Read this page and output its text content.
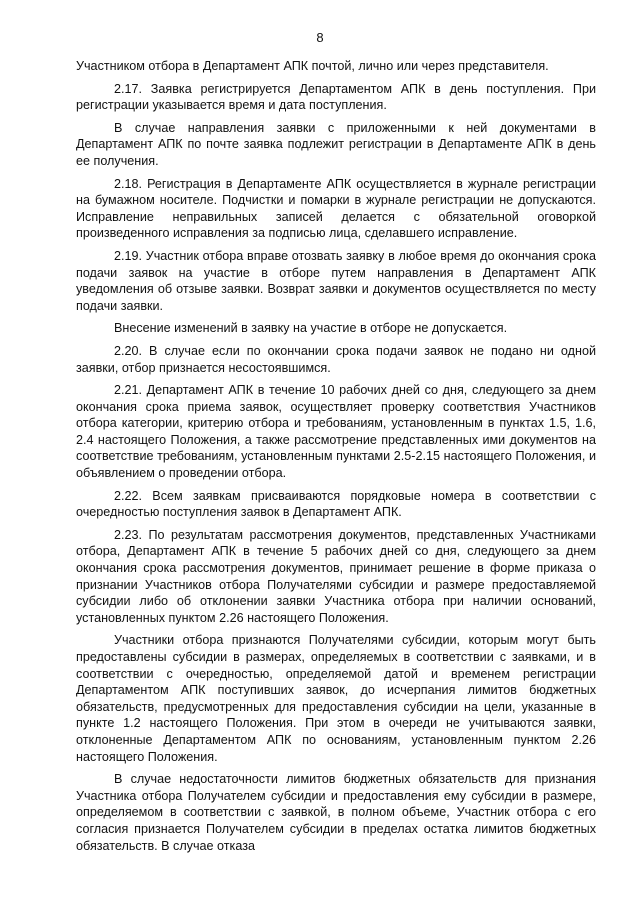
8

Участником отбора в Департамент АПК почтой, лично или через представителя.

2.17. Заявка регистрируется Департаментом АПК в день поступления. При регистрации указывается время и дата поступления.

В случае направления заявки с приложенными к ней документами в Департамент АПК по почте заявка подлежит регистрации в Департаменте АПК в день ее получения.

2.18. Регистрация в Департаменте АПК осуществляется в журнале регистрации на бумажном носителе. Подчистки и помарки в журнале регистрации не допускаются. Исправление неправильных записей делается с обязательной оговоркой произведенного исправления за подписью лица, сделавшего исправление.

2.19. Участник отбора вправе отозвать заявку в любое время до окончания срока подачи заявок на участие в отборе путем направления в Департамент АПК уведомления об отзыве заявки. Возврат заявки и документов осуществляется по месту подачи заявки.

Внесение изменений в заявку на участие в отборе не допускается.

2.20. В случае если по окончании срока подачи заявок не подано ни одной заявки, отбор признается несостоявшимся.

2.21. Департамент АПК в течение 10 рабочих дней со дня, следующего за днем окончания срока приема заявок, осуществляет проверку соответствия Участников отбора категории, критерию отбора и требованиям, установленным в пунктах 1.5, 1.6, 2.4 настоящего Положения, а также рассмотрение представленных ими документов на соответствие требованиям, установленным пунктами 2.5-2.15 настоящего Положения, и объявлением о проведении отбора.

2.22. Всем заявкам присваиваются порядковые номера в соответствии с очередностью поступления заявок в Департамент АПК.

2.23. По результатам рассмотрения документов, представленных Участниками отбора, Департамент АПК в течение 5 рабочих дней со дня, следующего за днем окончания срока рассмотрения документов, принимает решение в форме приказа о признании Участников отбора Получателями субсидии и размере предоставляемой субсидии либо об отклонении заявки Участника отбора при наличии оснований, установленных пунктом 2.26 настоящего Положения.

Участники отбора признаются Получателями субсидии, которым могут быть предоставлены субсидии в размерах, определяемых в соответствии с заявками, и в соответствии с очередностью, определяемой датой и временем регистрации Департаментом АПК поступивших заявок, до исчерпания лимитов бюджетных обязательств, предусмотренных для предоставления субсидии на цели, указанные в пункте 1.2 настоящего Положения. При этом в очереди не учитываются заявки, отклоненные Департаментом АПК по основаниям, установленным пунктом 2.26 настоящего Положения.

В случае недостаточности лимитов бюджетных обязательств для признания Участника отбора Получателем субсидии и предоставления ему субсидии в размере, определяемом в соответствии с заявкой, в полном объеме, Участник отбора с его согласия признается Получателем субсидии в пределах остатка лимитов бюджетных обязательств. В случае отказа
